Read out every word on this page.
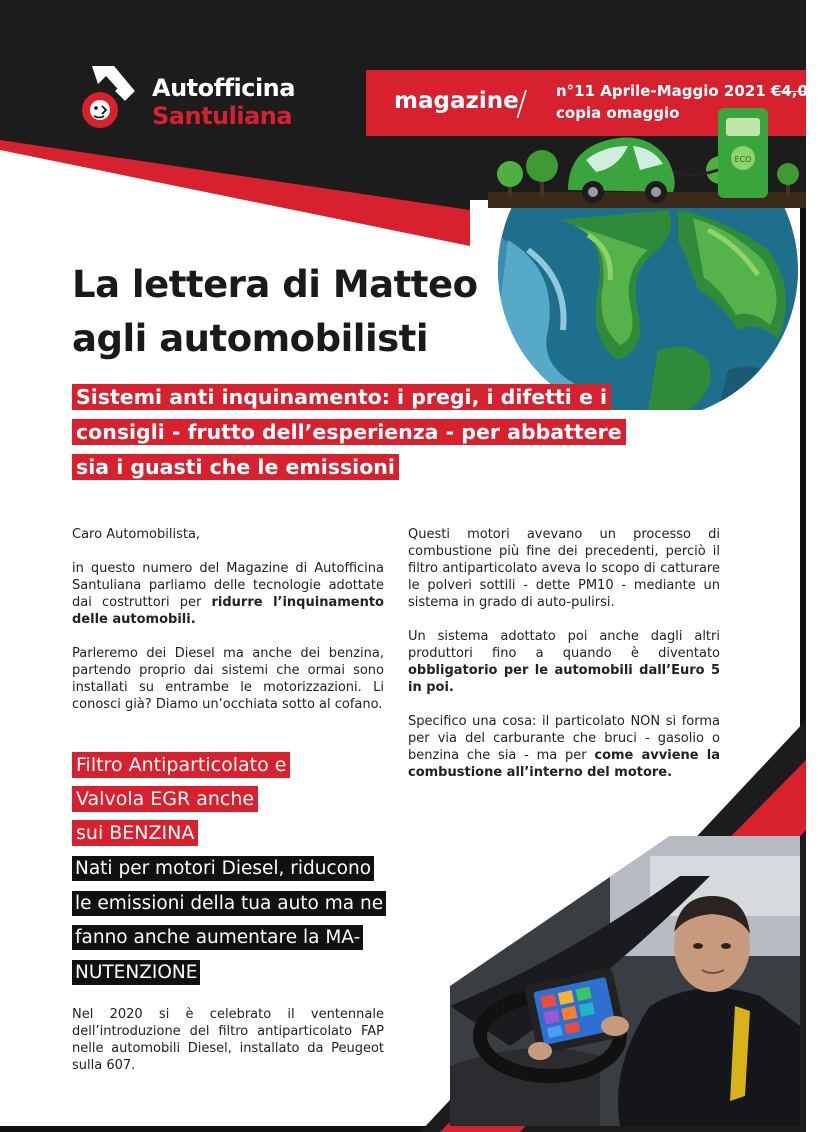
Autofficina
Santuliana
magazine
/ n°11 Aprile-Maggio 2021 €4,00
copia omaggio
ECO
La lettera di Matteo
agli automobilisti
Sistemi anti inquinamento: i pregi, i difetti e i
consigli - frutto dell’esperienza - per abbattere
sia i guasti che le emissioni

Caro Automobilista,

in questo numero del Magazine di Autofficina Santuliana parliamo delle tecnologie adottate dai costruttori per ridurre l’inquinamento delle automobili.

Parleremo dei Diesel ma anche dei benzina, partendo proprio dai sistemi che ormai sono installati su entrambe le motorizzazioni. Li conosci già? Diamo un’occhiata sotto al cofano.

Questi motori avevano un processo di combustione più fine dei precedenti, perciò il filtro antiparticolato aveva lo scopo di catturare le polveri sottili - dette PM10 - mediante un sistema in grado di auto-pulirsi.

Un sistema adottato poi anche dagli altri produttori fino a quando è diventato obbligatorio per le automobili dall’Euro 5 in poi.

Specifico una cosa: il particolato NON si forma per via del carburante che bruci - gasolio o benzina che sia - ma per come avviene la combustione all’interno del motore.

Filtro Antiparticolato e
Valvola EGR anche
sui BENZINA
Nati per motori Diesel, riducono
le emissioni della tua auto ma ne
fanno anche aumentare la MA-
NUTENZIONE

Nel 2020 si è celebrato il ventennale dell’introduzione del filtro antiparticolato FAP nelle automobili Diesel, installato da Peugeot sulla 607.
